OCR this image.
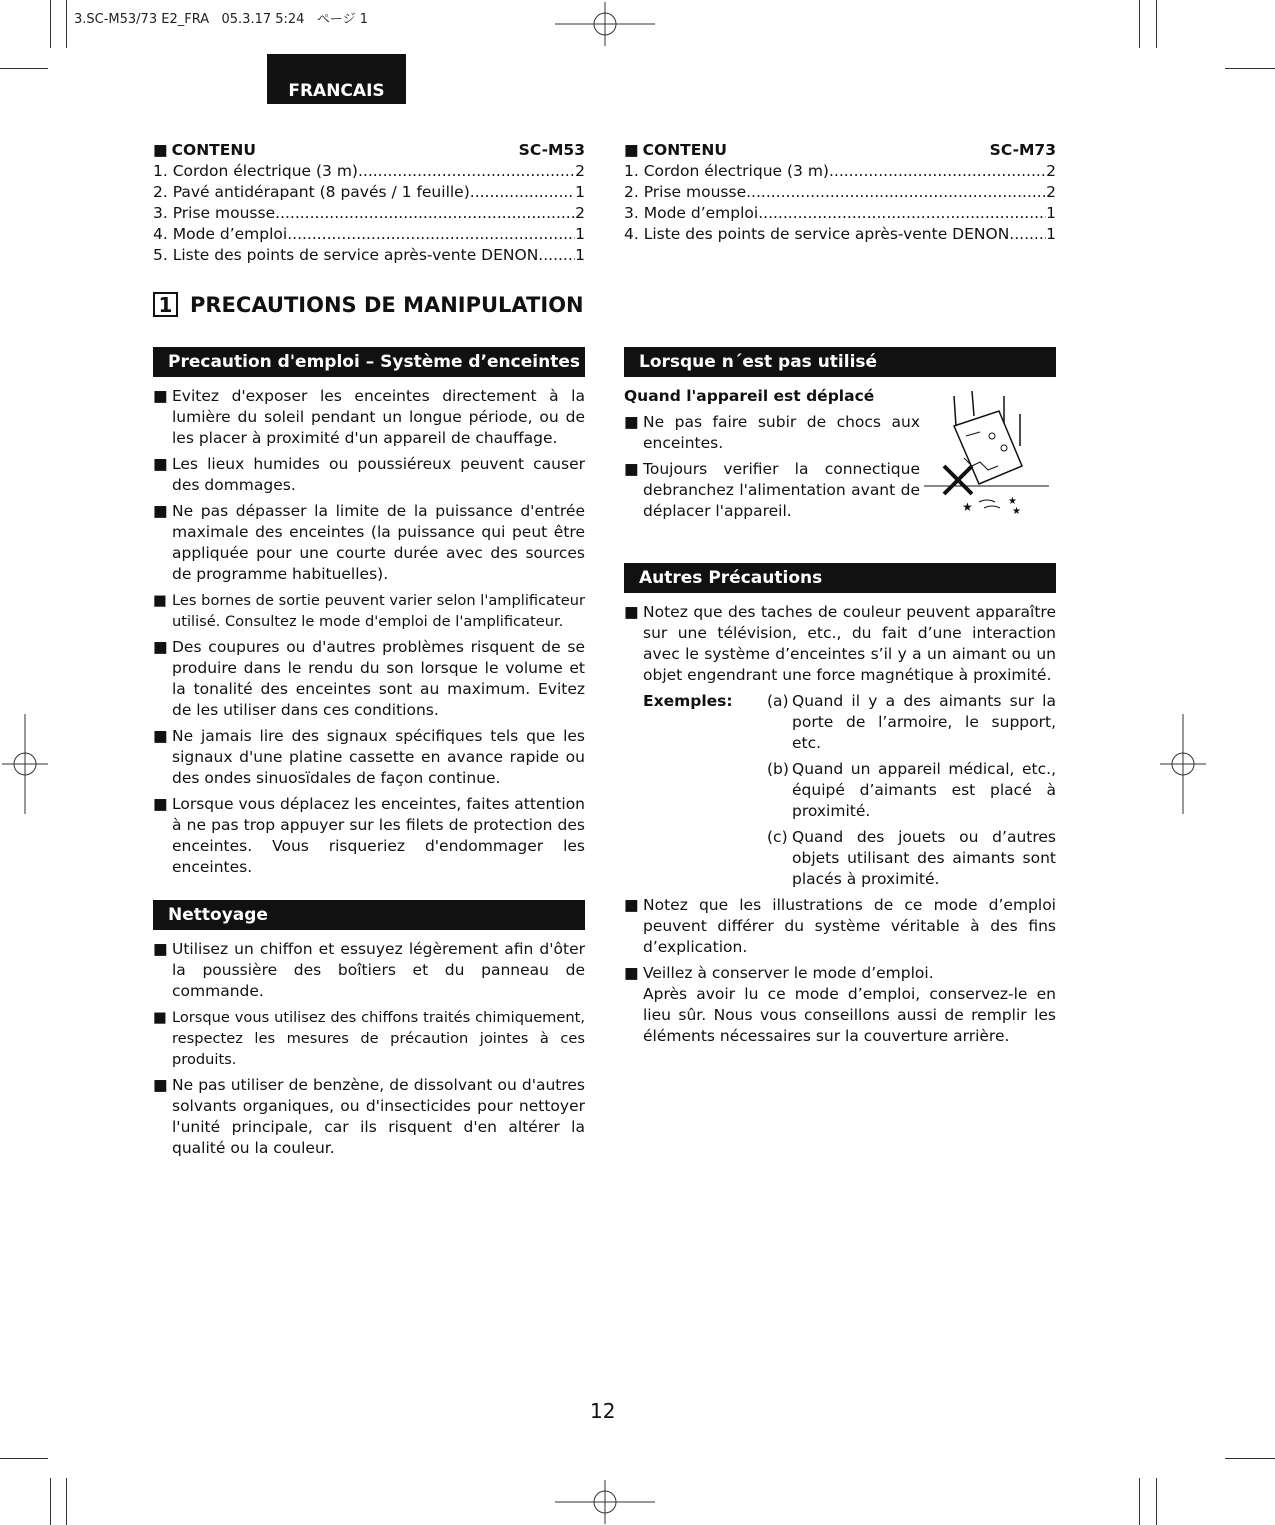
3.SC-M53/73 E2_FRA   05.3.17 5:24   ページ 1
FRANCAIS
■ CONTENU	SC-M53
1. Cordon électrique (3 m) .....	2
2. Pavé antidérapant (8 pavés / 1 feuille) .....	1
3. Prise mousse .....	2
4. Mode d’emploi .....	1
5. Liste des points de service après-vente DENON ..... 1
■ CONTENU	SC-M73
1. Cordon électrique (3 m) .....	2
2. Prise mousse .....	2
3. Mode d’emploi .....	1
4. Liste des points de service après-vente DENON ..... 1
1 PRECAUTIONS DE MANIPULATION
Precaution d'emploi – Système d’enceintes
■ Evitez d'exposer les enceintes directement à la lumière du soleil pendant un longue période, ou de les placer à proximité d'un appareil de chauffage.
■ Les lieux humides ou poussiéreux peuvent causer des dommages.
■ Ne pas dépasser la limite de la puissance d'entrée maximale des enceintes (la puissance qui peut être appliquée pour une courte durée avec des sources de programme habituelles).
■ Les bornes de sortie peuvent varier selon l'amplificateur utilisé. Consultez le mode d'emploi de l'amplificateur.
■ Des coupures ou d'autres problèmes risquent de se produire dans le rendu du son lorsque le volume et la tonalité des enceintes sont au maximum. Evitez de les utiliser dans ces conditions.
■ Ne jamais lire des signaux spécifiques tels que les signaux d'une platine cassette en avance rapide ou des ondes sinuosïdales de façon continue.
■ Lorsque vous déplacez les enceintes, faites attention à ne pas trop appuyer sur les filets de protection des enceintes. Vous risqueriez d'endommager les enceintes.
Nettoyage
■ Utilisez un chiffon et essuyez légèrement afin d'ôter la poussière des boîtiers et du panneau de commande.
■ Lorsque vous utilisez des chiffons traités chimiquement, respectez les mesures de précaution jointes à ces produits.
■ Ne pas utiliser de benzène, de dissolvant ou d'autres solvants organiques, ou d'insecticides pour nettoyer l'unité principale, car ils risquent d'en altérer la qualité ou la couleur.
Lorsque n´est pas utilisé
Quand l'appareil est déplacé
■ Ne pas faire subir de chocs aux enceintes.
■ Toujours verifier la connectique debranchez l'alimentation avant de déplacer l'appareil.	★	★
★
Autres Précautions
■ Notez que des taches de couleur peuvent apparaître sur une télévision, etc., du fait d’une interaction avec le système d’enceintes s’il y a un aimant ou un objet engendrant une force magnétique à proximité.
Exemples:	(a) Quand il y a des aimants sur la porte de l’armoire, le support, etc.
(b) Quand un appareil médical, etc., équipé d’aimants est placé à proximité.
(c) Quand des jouets ou d’autres objets utilisant des aimants sont placés à proximité.
■ Notez que les illustrations de ce mode d’emploi peuvent différer du système véritable à des fins d’explication.
■ Veillez à conserver le mode d’emploi.
Après avoir lu ce mode d’emploi, conservez-le en lieu sûr. Nous vous conseillons aussi de remplir les éléments nécessaires sur la couverture arrière.
12
